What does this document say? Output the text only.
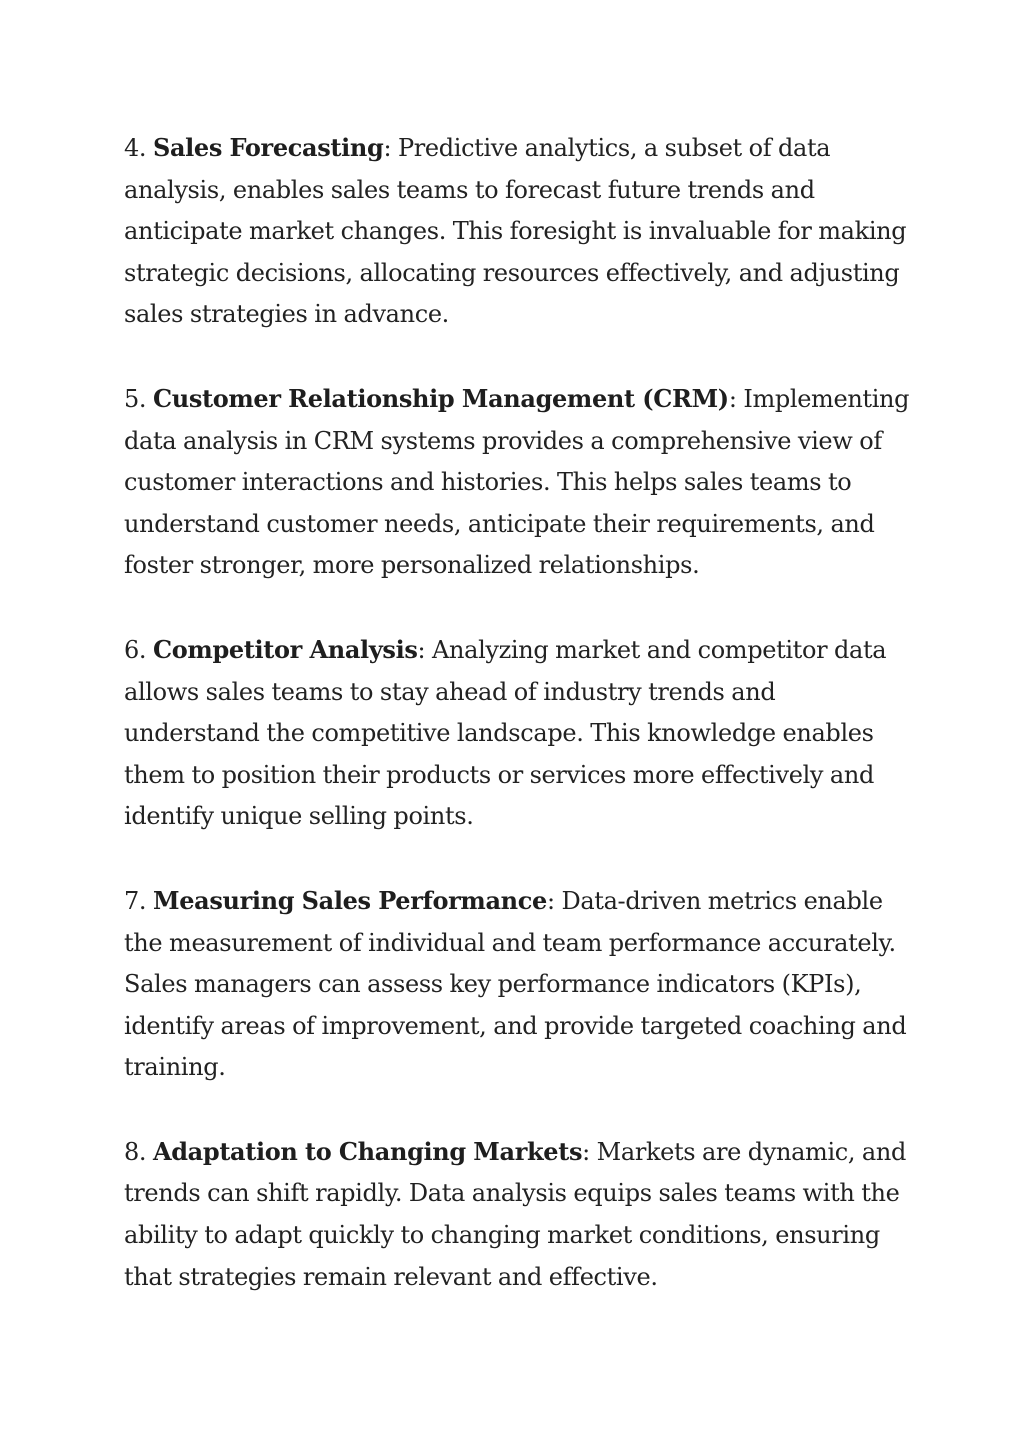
4. Sales Forecasting: Predictive analytics, a subset of data analysis, enables sales teams to forecast future trends and anticipate market changes. This foresight is invaluable for making strategic decisions, allocating resources effectively, and adjusting sales strategies in advance.

5. Customer Relationship Management (CRM): Implementing data analysis in CRM systems provides a comprehensive view of customer interactions and histories. This helps sales teams to understand customer needs, anticipate their requirements, and foster stronger, more personalized relationships.

6. Competitor Analysis: Analyzing market and competitor data allows sales teams to stay ahead of industry trends and understand the competitive landscape. This knowledge enables them to position their products or services more effectively and identify unique selling points.

7. Measuring Sales Performance: Data-driven metrics enable the measurement of individual and team performance accurately. Sales managers can assess key performance indicators (KPIs), identify areas of improvement, and provide targeted coaching and training.

8. Adaptation to Changing Markets: Markets are dynamic, and trends can shift rapidly. Data analysis equips sales teams with the ability to adapt quickly to changing market conditions, ensuring that strategies remain relevant and effective.
